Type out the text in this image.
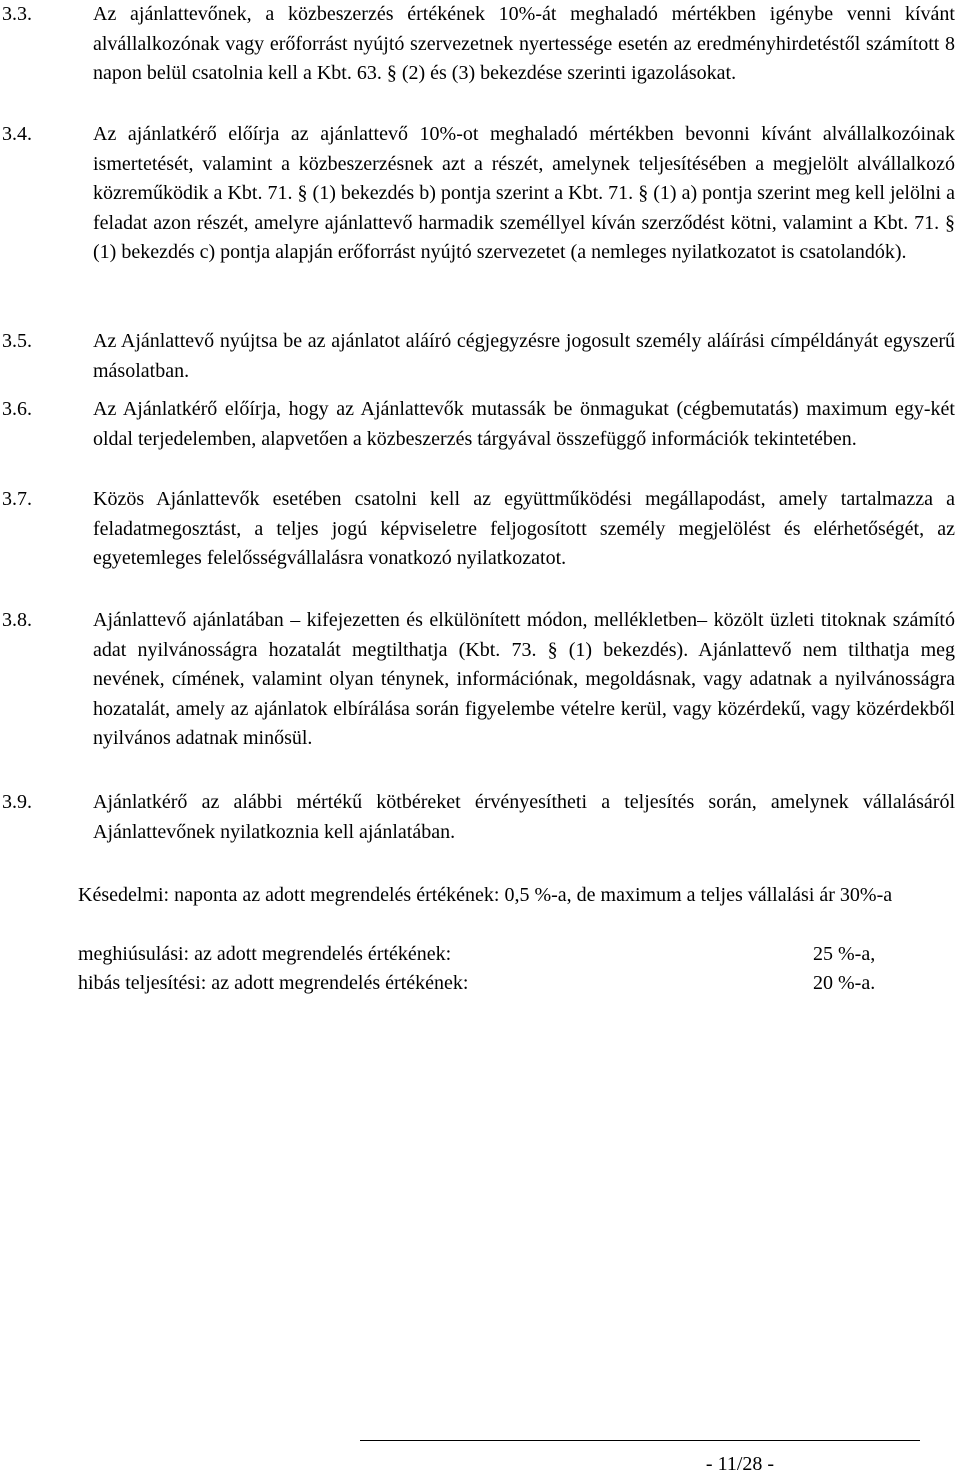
3.3.	Az ajánlattevőnek, a közbeszerzés értékének 10%-át meghaladó mértékben igénybe venni kívánt alvállalkozónak vagy erőforrást nyújtó szervezetnek nyertessége esetén az eredményhirdetéstől számított 8 napon belül csatolnia kell a Kbt. 63. § (2) és (3) bekezdése szerinti igazolásokat.
3.4.	Az ajánlatkérő előírja az ajánlattevő 10%-ot meghaladó mértékben bevonni kívánt alvállalkozóinak ismertetését, valamint a közbeszerzésnek azt a részét, amelynek teljesítésében a megjelölt alvállalkozó közreműködik a Kbt. 71. § (1) bekezdés b) pontja szerint a Kbt. 71. § (1) a) pontja szerint meg kell jelölni a feladat azon részét, amelyre ajánlattevő harmadik személlyel kíván szerződést kötni, valamint a Kbt. 71. § (1) bekezdés c) pontja alapján erőforrást nyújtó szervezetet (a nemleges nyilatkozatot is csatolandók).
3.5.	Az Ajánlattevő nyújtsa be az ajánlatot aláíró cégjegyzésre jogosult személy aláírási címpéldányát egyszerű másolatban.
3.6.	Az Ajánlatkérő előírja, hogy az Ajánlattevők mutassák be önmagukat (cégbemutatás) maximum egy-két oldal terjedelemben, alapvetően a közbeszerzés tárgyával összefüggő információk tekintetében.
3.7.	Közös Ajánlattevők esetében csatolni kell az együttműködési megállapodást, amely tartalmazza a feladatmegosztást, a teljes jogú képviseletre feljogosított személy megjelölést és elérhetőségét, az egyetemleges felelősségvállalásra vonatkozó nyilatkozatot.
3.8.	Ajánlattevő ajánlatában – kifejezetten és elkülönített módon, mellékletben– közölt üzleti titoknak számító adat nyilvánosságra hozatalát megtilthatja (Kbt. 73. § (1) bekezdés). Ajánlattevő nem tilthatja meg nevének, címének, valamint olyan ténynek, információnak, megoldásnak, vagy adatnak a nyilvánosságra hozatalát, amely az ajánlatok elbírálása során figyelembe vételre kerül, vagy közérdekű, vagy közérdekből nyilvános adatnak minősül.
3.9.	Ajánlatkérő az alábbi mértékű kötbéreket érvényesítheti a teljesítés során, amelynek vállalásáról Ajánlattevőnek nyilatkoznia kell ajánlatában.
Késedelmi: naponta az adott megrendelés értékének: 0,5 %-a, de maximum a teljes vállalási ár 30%-a
meghiúsulási: az adott megrendelés értékének:	25 %-a,
hibás teljesítési: az adott megrendelés értékének:	20 %-a.
- 11/28 -
